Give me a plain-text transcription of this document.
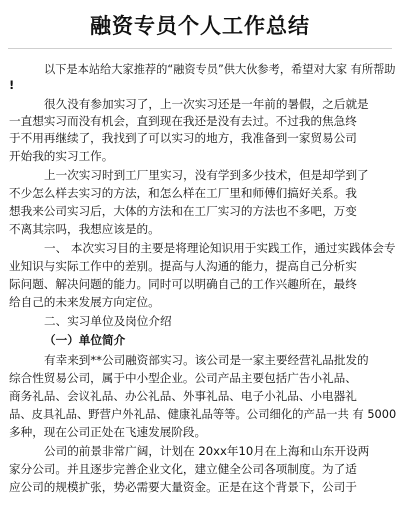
融资专员个人工作总结
以下是本站给大家推荐的“融资专员”供大伙参考，希望对大家 有所帮助
!
很久没有参加实习了，上一次实习还是一年前的暑假，之后就是
一直想实习而没有机会，直到现在我还是没有去过。不过我的焦急终
于不用再继续了，我找到了可以实习的地方，我准备到一家贸易公司
开始我的实习工作。
上一次实习时到工厂里实习，没有学到多少技术，但是却学到了
不少怎么样去实习的方法，和怎么样在工厂里和师傅们搞好关系。我
想我来公司实习后，大体的方法和在工厂实习的方法也不多吧，万变
不离其宗吗，我想应该是的。
一、 本次实习目的主要是将理论知识用于实践工作，通过实践体会专
业知识与实际工作中的差别。提高与人沟通的能力，提高自己分析实
际问题、解决问题的能力。同时可以明确自己的工作兴趣所在，最终
给自己的未来发展方向定位。
二、实习单位及岗位介绍
（一）单位简介
有幸来到**公司融资部实习。该公司是一家主要经营礼品批发的
综合性贸易公司，属于中小型企业。公司产品主要包括广告小礼品、
商务礼品、会议礼品、办公礼品、外事礼品、电子小礼品、小电器礼
品、皮具礼品、野营户外礼品、健康礼品等等。公司细化的产品一共 有 5000
多种，现在公司正处在飞速发展阶段。
公司的前景非常广阔，计划在 20xx年10月在上海和山东开设两
家分公司。并且逐步完善企业文化，建立健全公司各项制度。为了适
应公司的规模扩张，势必需要大量资金。正是在这个背景下，公司于
